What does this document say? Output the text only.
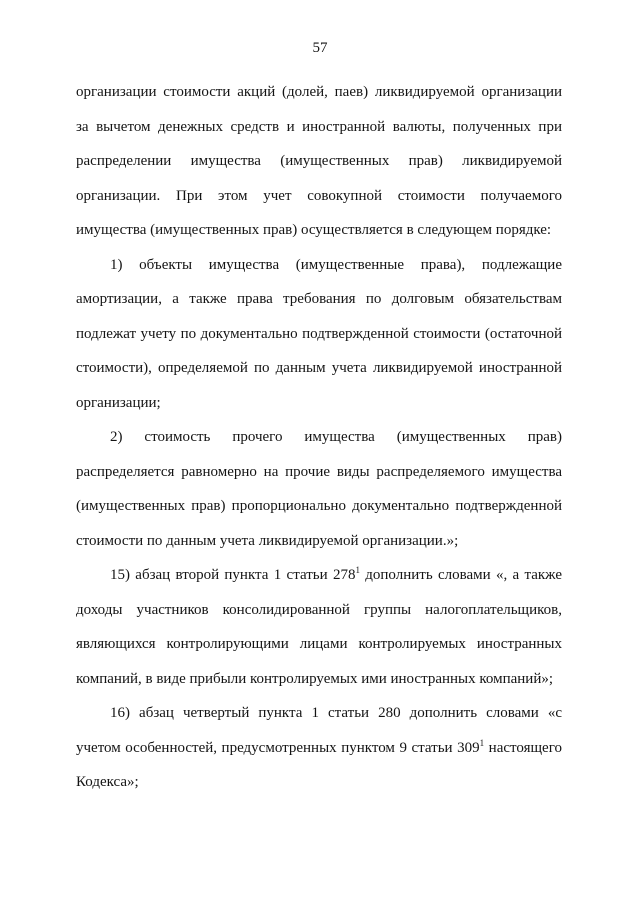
57

организации стоимости акций (долей, паев) ликвидируемой организации
за вычетом денежных средств и иностранной валюты, полученных при
распределении имущества (имущественных прав) ликвидируемой
организации. При этом учет совокупной стоимости получаемого
имущества (имущественных прав) осуществляется в следующем порядке:

1) объекты имущества (имущественные права), подлежащие
амортизации, а также права требования по долговым обязательствам
подлежат учету по документально подтвержденной стоимости (остаточной
стоимости), определяемой по данным учета ликвидируемой иностранной
организации;

2) стоимость прочего имущества (имущественных прав)
распределяется равномерно на прочие виды распределяемого имущества
(имущественных прав) пропорционально документально подтвержденной
стоимости по данным учета ликвидируемой организации.»;

15) абзац второй пункта 1 статьи $278^1$ дополнить словами «, а также
доходы участников консолидированной группы налогоплательщиков,
являющихся контролирующими лицами контролируемых иностранных
компаний, в виде прибыли контролируемых ими иностранных компаний»;

16) абзац четвертый пункта 1 статьи 280 дополнить словами «с
учетом особенностей, предусмотренных пунктом 9 статьи $309^1$ настоящего
Кодекса»;
